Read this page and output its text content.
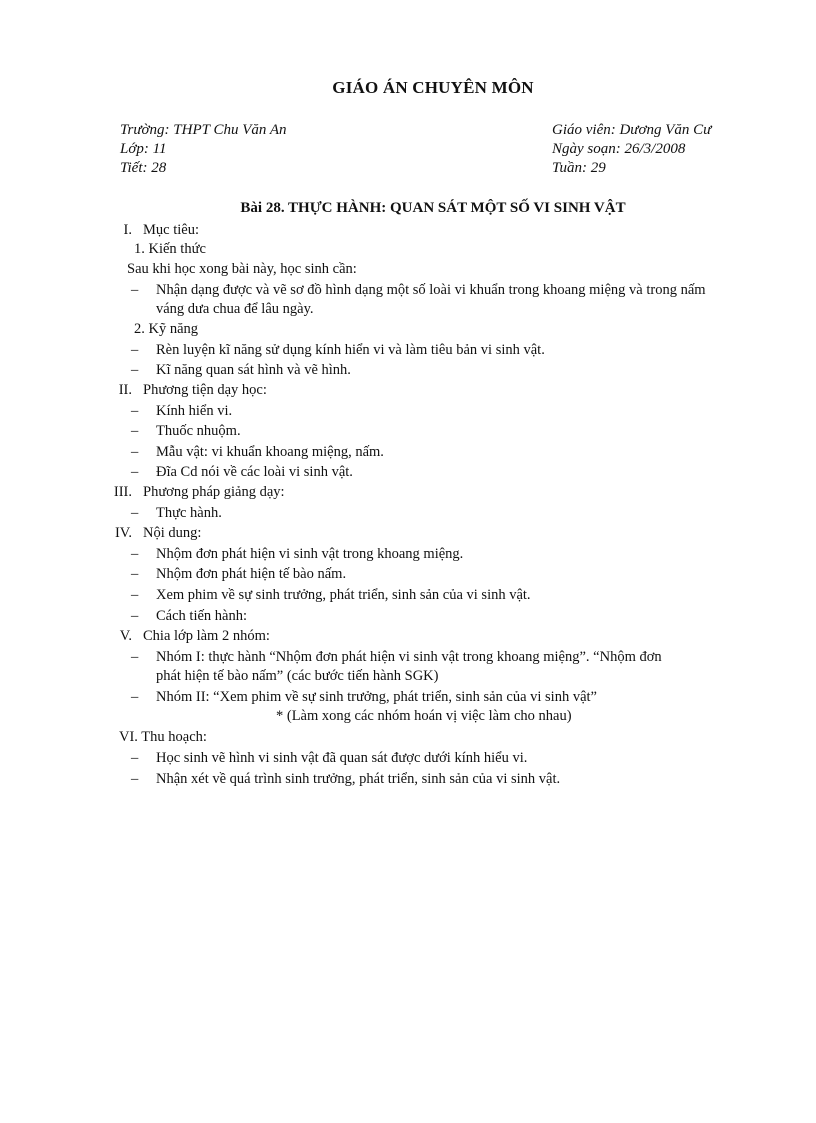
GIÁO ÁN CHUYÊN MÔN
Trường: THPT Chu Văn An
Lớp: 11
Tiết: 28
Giáo viên: Dương Văn Cư
Ngày soạn: 26/3/2008
Tuần: 29
Bài 28. THỰC HÀNH: QUAN SÁT MỘT SỐ VI SINH VẬT
I. Mục tiêu:
1. Kiến thức
Sau khi học xong bài này, học sinh cần:
– Nhận dạng được và vẽ sơ đồ hình dạng một số loài vi khuẩn trong khoang miệng và trong nấm
váng dưa chua để lâu ngày.
2. Kỹ năng
– Rèn luyện kĩ năng sử dụng kính hiển vi và làm tiêu bản vi sinh vật.
– Kĩ năng quan sát hình và vẽ hình.
II. Phương tiện dạy học:
– Kính hiển vi.
– Thuốc nhuộm.
– Mẫu vật: vi khuẩn khoang miệng, nấm.
– Đĩa Cd nói về các loài vi sinh vật.
III. Phương pháp giảng dạy:
– Thực hành.
IV. Nội dung:
– Nhộm đơn phát hiện vi sinh vật trong khoang miệng.
– Nhộm đơn phát hiện tế bào nấm.
– Xem phim về sự sinh trưởng, phát triển, sinh sản của vi sinh vật.
– Cách tiến hành:
V. Chia lớp làm 2 nhóm:
– Nhóm I: thực hành “Nhộm đơn phát hiện vi sinh vật trong khoang miệng”. “Nhộm đơn
phát hiện tế bào nấm” (các bước tiến hành SGK)
– Nhóm II: “Xem phim về sự sinh trưởng, phát triển, sinh sản của vi sinh vật”
* (Làm xong các nhóm hoán vị việc làm cho nhau)
VI. Thu hoạch:
– Học sinh vẽ hình vi sinh vật đã quan sát được dưới kính hiểu vi.
– Nhận xét về quá trình sinh trưởng, phát triển, sinh sản của vi sinh vật.
